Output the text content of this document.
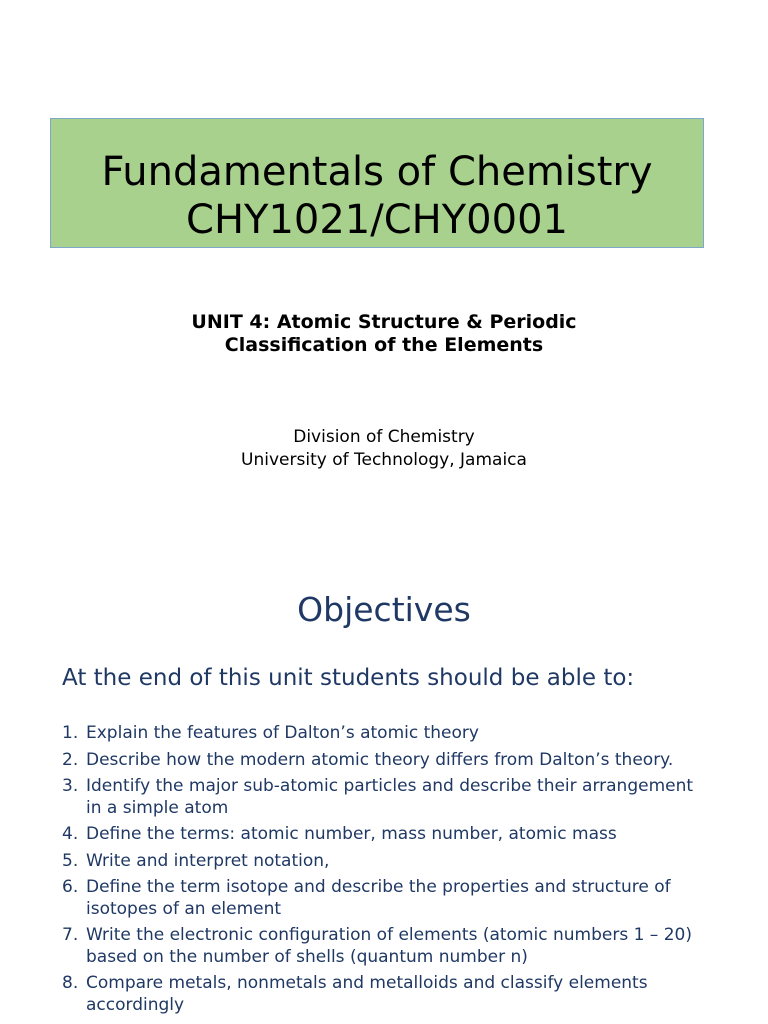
Fundamentals of Chemistry
CHY1021/CHY0001
UNIT 4: Atomic Structure & Periodic
Classification of the Elements
Division of Chemistry
University of Technology, Jamaica
Objectives
At the end of this unit students should be able to:
1. Explain the features of Dalton’s atomic theory
2. Describe how the modern atomic theory differs from Dalton’s theory.
3. Identify the major sub-atomic particles and describe their arrangement in a simple atom
4. Define the terms: atomic number, mass number, atomic mass
5. Write and interpret notation,
6. Define the term isotope and describe the properties and structure of isotopes of an element
7. Write the electronic configuration of elements (atomic numbers 1 – 20) based on the number of shells (quantum number n)
8. Compare metals, nonmetals and metalloids and classify elements accordingly
